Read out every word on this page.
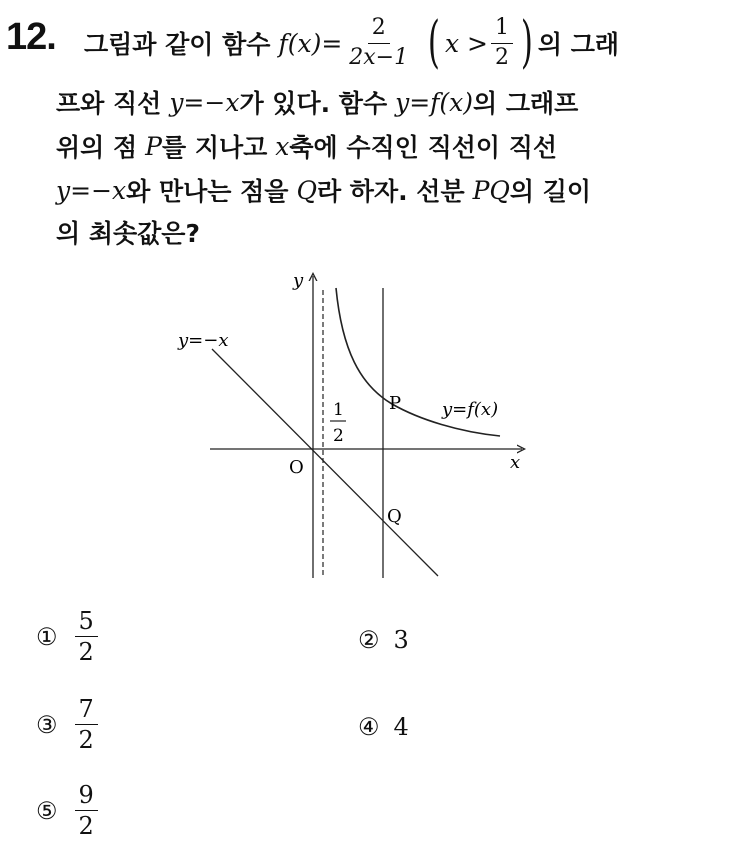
12. 그림과 같이 함수 $f(x)= \frac{2}{2x-1}$ ( $x > \frac{1}{2}$ ) 의 그래
프와 직선 y=−x 가 있다. 함수 y=f(x) 의 그래프
위의 점 P 를 지나고 x 축에 수직인 직선이 직선
y=−x 와 만나는 점을 Q 라 하자. 선분 PQ 의 길이
의 최솟값은?
y
x
O
y=−x
y=f(x)
1
2
P
Q
① $\frac{5}{2}$	② 3
③ $\frac{7}{2}$	④ 4
⑤ $\frac{9}{2}$
